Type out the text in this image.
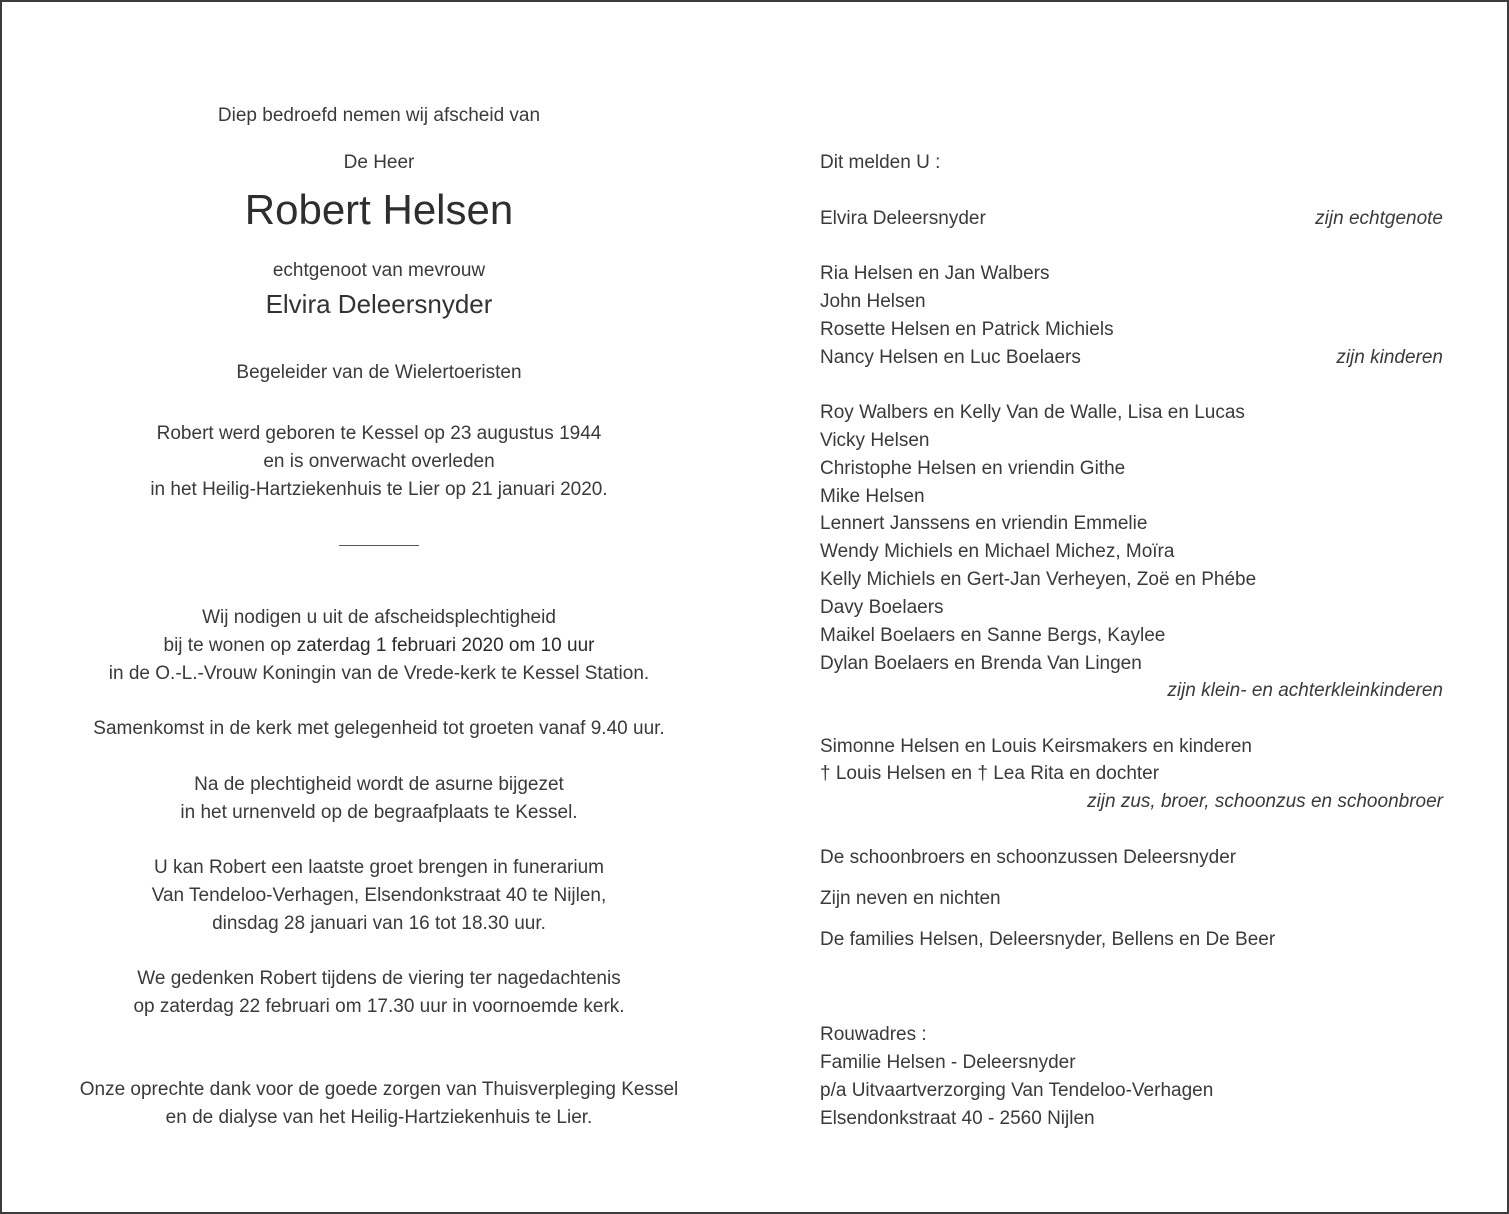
Diep bedroefd nemen wij afscheid van
De Heer
Robert Helsen
echtgenoot van mevrouw
Elvira Deleersnyder
Begeleider van de Wielertoeristen
Robert werd geboren te Kessel op 23 augustus 1944
en is onverwacht overleden
in het Heilig-Hartziekenhuis te Lier op 21 januari 2020.
Wij nodigen u uit de afscheidsplechtigheid
bij te wonen op zaterdag 1 februari 2020 om 10 uur
in de O.-L.-Vrouw Koningin van de Vrede-kerk te Kessel Station.
Samenkomst in de kerk met gelegenheid tot groeten vanaf 9.40 uur.
Na de plechtigheid wordt de asurne bijgezet
in het urnenveld op de begraafplaats te Kessel.
U kan Robert een laatste groet brengen in funerarium
Van Tendeloo-Verhagen, Elsendonkstraat 40 te Nijlen,
dinsdag 28 januari van 16 tot 18.30 uur.
We gedenken Robert tijdens de viering ter nagedachtenis
op zaterdag 22 februari om 17.30 uur in voornoemde kerk.
Onze oprechte dank voor de goede zorgen van Thuisverpleging Kessel
en de dialyse van het Heilig-Hartziekenhuis te Lier.
Dit melden U :
Elvira Deleersnyder	zijn echtgenote
Ria Helsen en Jan Walbers
John Helsen
Rosette Helsen en Patrick Michiels
Nancy Helsen en Luc Boelaers	zijn kinderen
Roy Walbers en Kelly Van de Walle, Lisa en Lucas
Vicky Helsen
Christophe Helsen en vriendin Githe
Mike Helsen
Lennert Janssens en vriendin Emmelie
Wendy Michiels en Michael Michez, Moïra
Kelly Michiels en Gert-Jan Verheyen, Zoë en Phébe
Davy Boelaers
Maikel Boelaers en Sanne Bergs, Kaylee
Dylan Boelaers en Brenda Van Lingen
zijn klein- en achterkleinkinderen
Simonne Helsen en Louis Keirsmakers en kinderen
† Louis Helsen en † Lea Rita en dochter
zijn zus, broer, schoonzus en schoonbroer
De schoonbroers en schoonzussen Deleersnyder
Zijn neven en nichten
De families Helsen, Deleersnyder, Bellens en De Beer
Rouwadres :
Familie Helsen - Deleersnyder
p/a Uitvaartverzorging Van Tendeloo-Verhagen
Elsendonkstraat 40 - 2560 Nijlen
